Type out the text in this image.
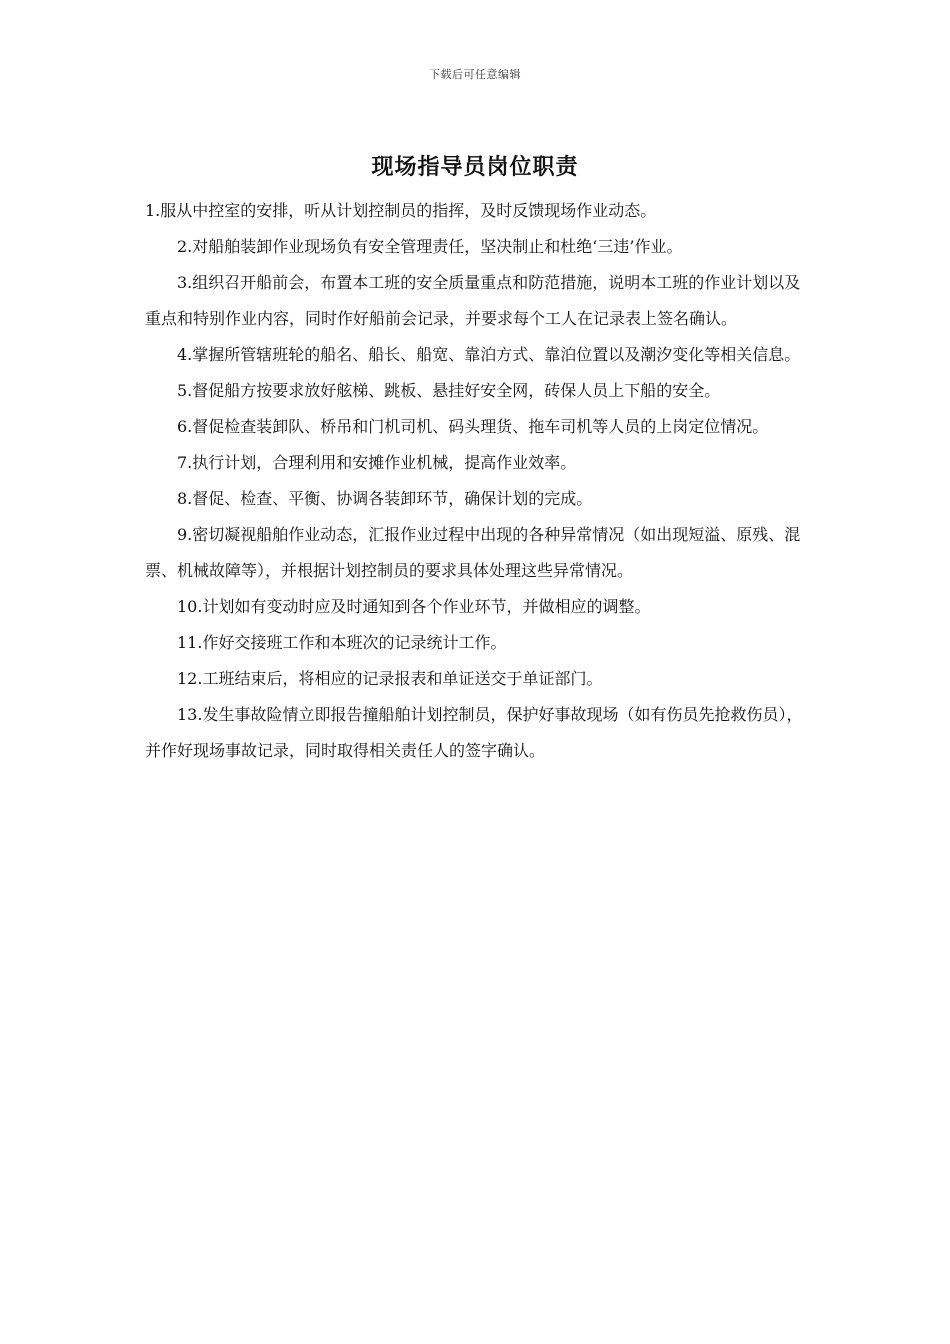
下载后可任意编辑
现场指导员岗位职责

1.服从中控室的安排，听从计划控制员的指挥，及时反馈现场作业动态。

2.对船舶装卸作业现场负有安全管理责任，坚决制止和杜绝‘三违’作业。

3.组织召开船前会，布置本工班的安全质量重点和防范措施，说明本工班的作业计划以及重点和特别作业内容，同时作好船前会记录，并要求每个工人在记录表上签名确认。

4.掌握所管辖班轮的船名、船长、船宽、靠泊方式、靠泊位置以及潮汐变化等相关信息。

5.督促船方按要求放好舷梯、跳板、悬挂好安全网，砖保人员上下船的安全。

6.督促检查装卸队、桥吊和门机司机、码头理货、拖车司机等人员的上岗定位情况。

7.执行计划，合理利用和安摊作业机械，提高作业效率。

8.督促、检查、平衡、协调各装卸环节，确保计划的完成。

9.密切凝视船舶作业动态，汇报作业过程中出现的各种异常情况（如出现短溢、原残、混票、机械故障等），并根据计划控制员的要求具体处理这些异常情况。

10.计划如有变动时应及时通知到各个作业环节，并做相应的调整。

11.作好交接班工作和本班次的记录统计工作。

12.工班结束后，将相应的记录报表和单证送交于单证部门。

13.发生事故险情立即报告撞船舶计划控制员，保护好事故现场（如有伤员先抢救伤员），并作好现场事故记录，同时取得相关责任人的签字确认。
